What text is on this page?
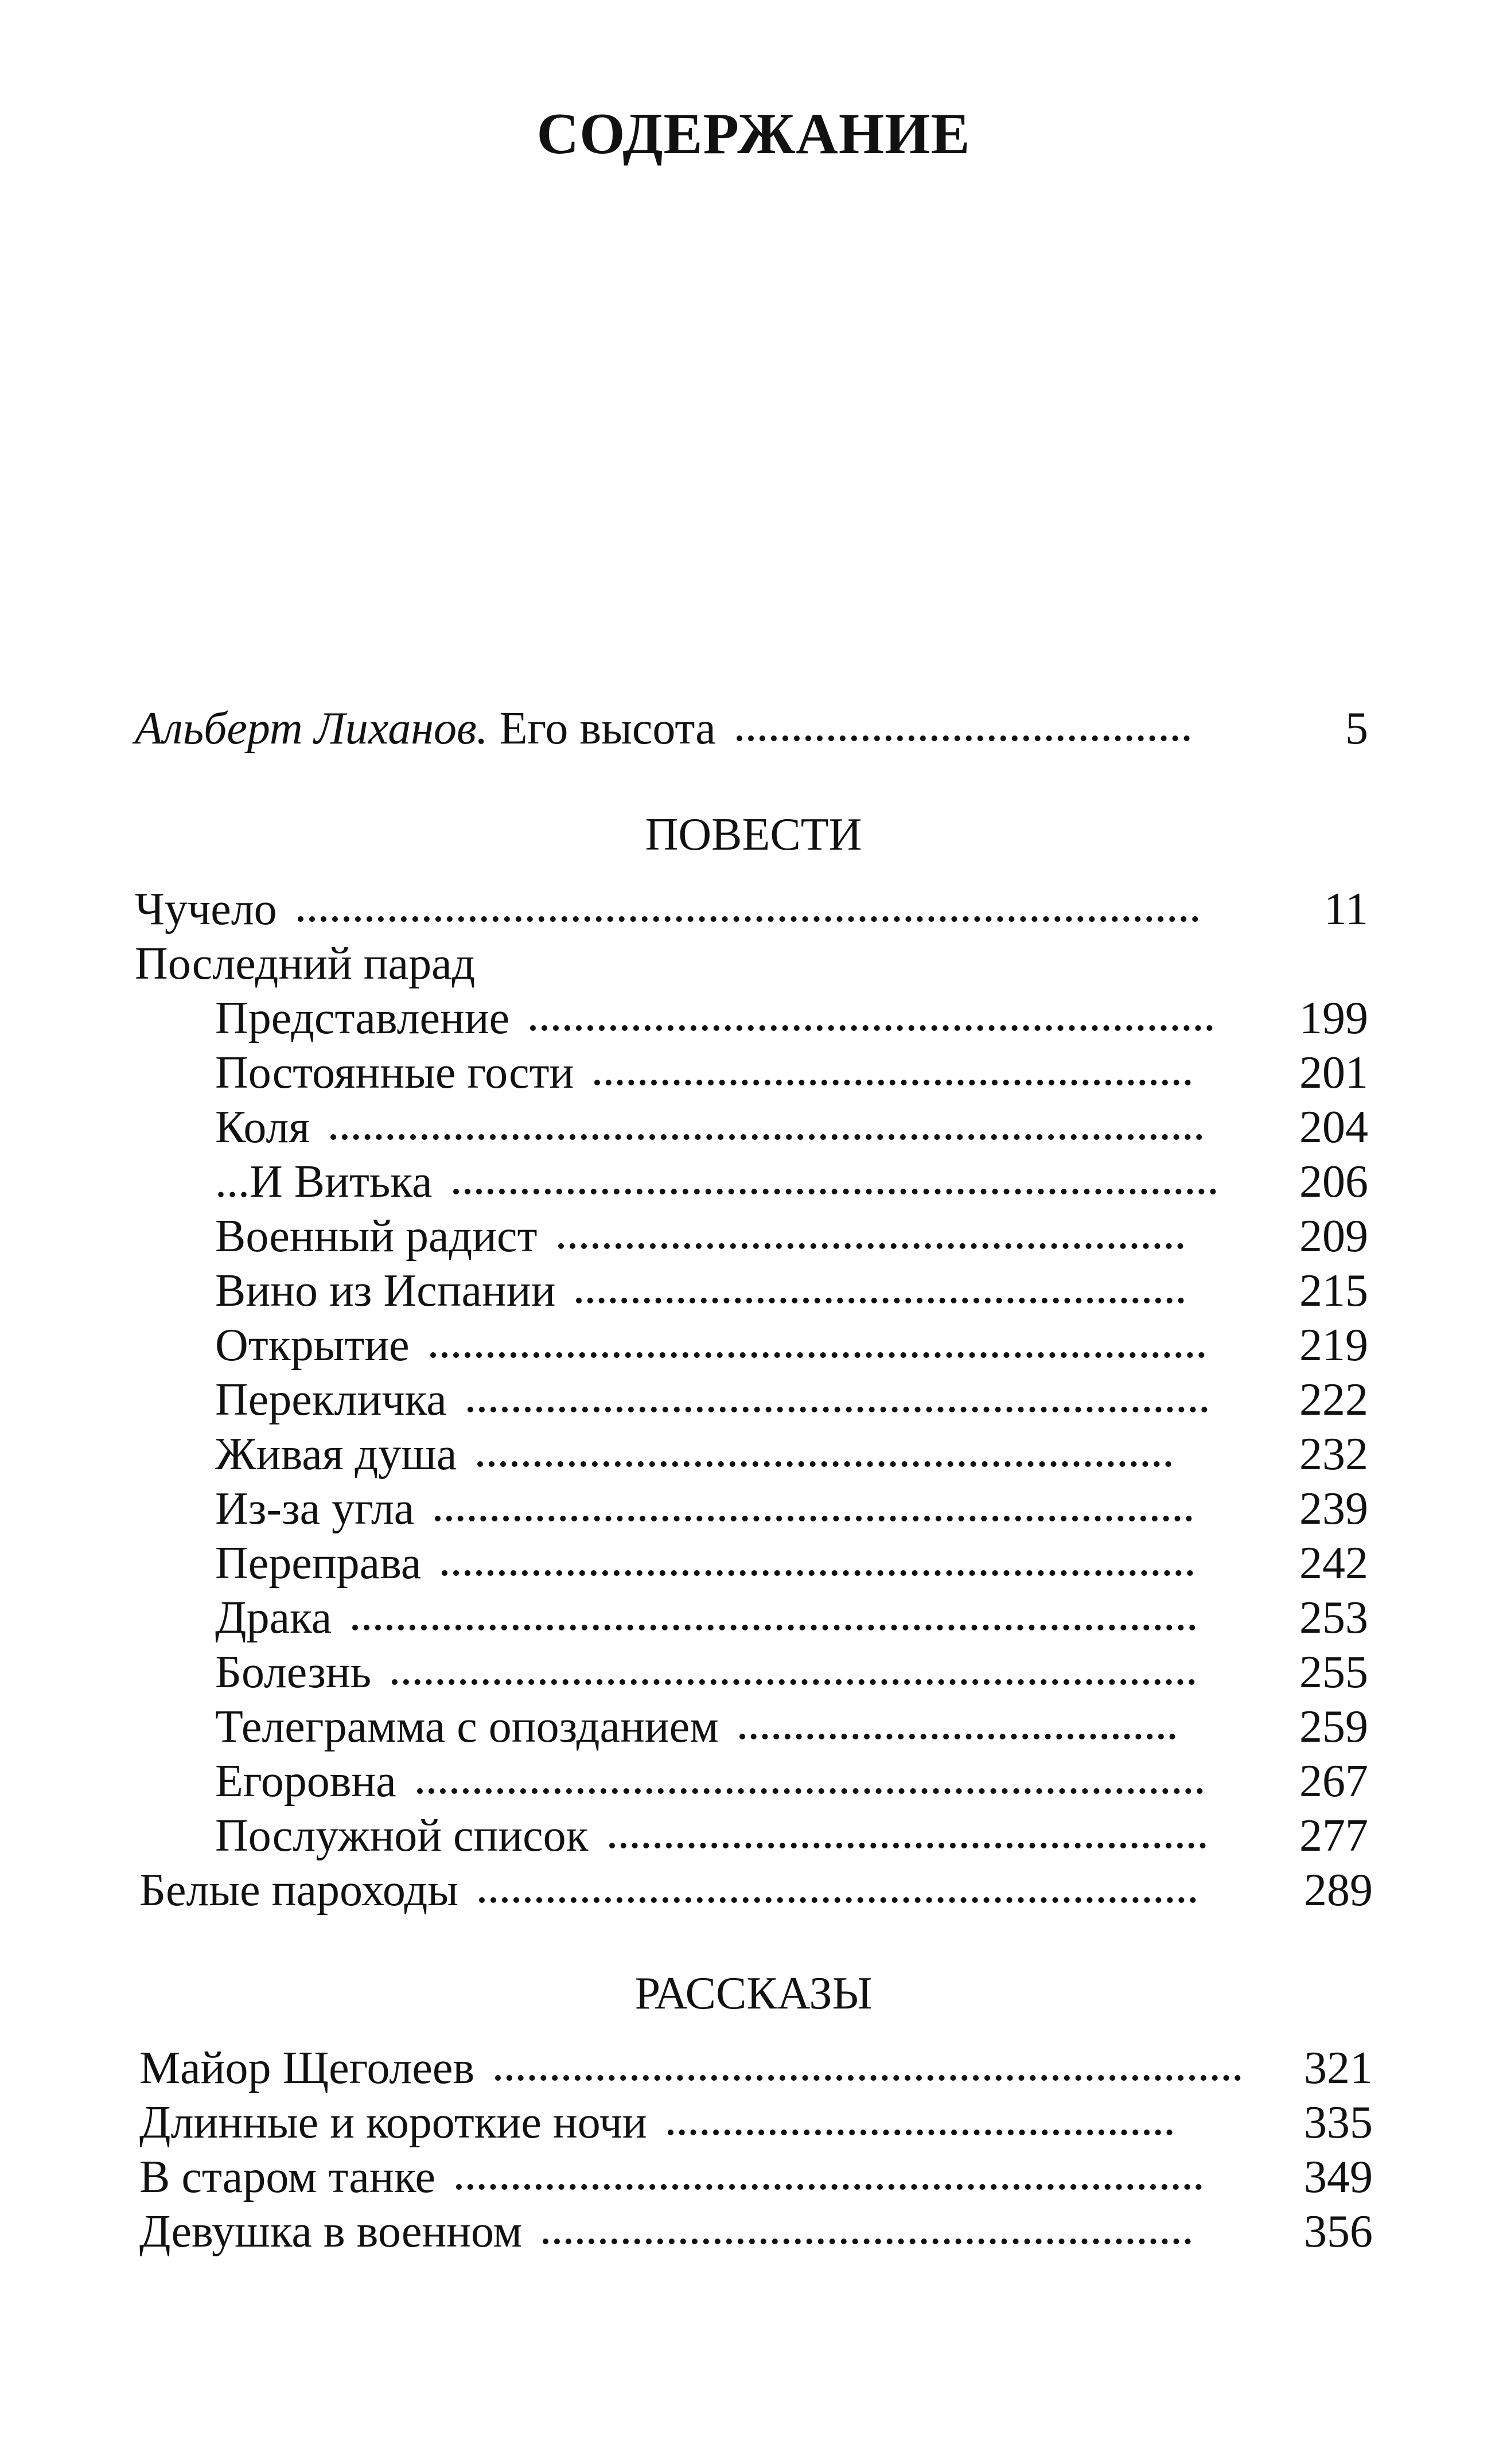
СОДЕРЖАНИЕ
Альберт Лиханов. Его высота	5
ПОВЕСТИ
Чучело	11
Последний парад
Представление	199
Постоянные гости	201
Коля	204
...И Витька	206
Военный радист	209
Вино из Испании	215
Открытие	219
Перекличка	222
Живая душа	232
Из-за угла	239
Переправа	242
Драка	253
Болезнь	255
Телеграмма с опозданием	259
Егоровна	267
Послужной список	277
Белые пароходы	289
РАССКАЗЫ
Майор Щеголеев	321
Длинные и короткие ночи	335
В старом танке	349
Девушка в военном	356
